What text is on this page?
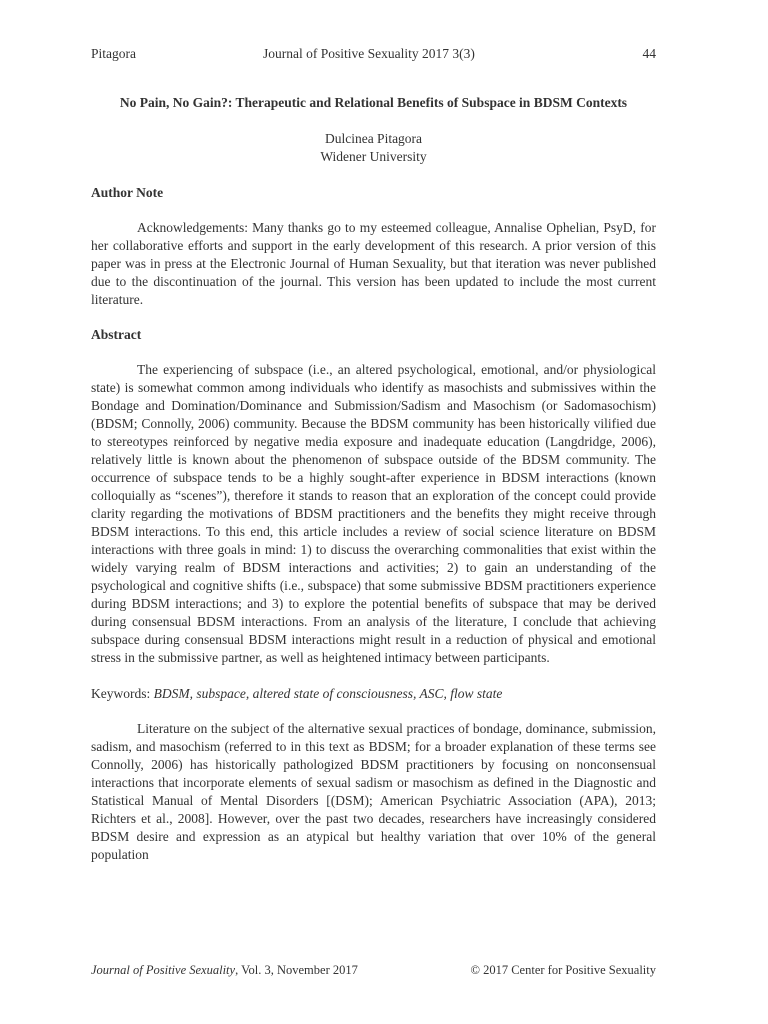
Pitagora	Journal of Positive Sexuality 2017 3(3)	44
No Pain, No Gain?: Therapeutic and Relational Benefits of Subspace in BDSM Contexts
Dulcinea Pitagora
Widener University
Author Note

Acknowledgements: Many thanks go to my esteemed colleague, Annalise Ophelian, PsyD, for her collaborative efforts and support in the early development of this research. A prior version of this paper was in press at the Electronic Journal of Human Sexuality, but that iteration was never published due to the discontinuation of the journal. This version has been updated to include the most current literature.

Abstract

The experiencing of subspace (i.e., an altered psychological, emotional, and/or physiological state) is somewhat common among individuals who identify as masochists and submissives within the Bondage and Domination/Dominance and Submission/Sadism and Masochism (or Sadomasochism) (BDSM; Connolly, 2006) community. Because the BDSM community has been historically vilified due to stereotypes reinforced by negative media exposure and inadequate education (Langdridge, 2006), relatively little is known about the phenomenon of subspace outside of the BDSM community. The occurrence of subspace tends to be a highly sought-after experience in BDSM interactions (known colloquially as “scenes”), therefore it stands to reason that an exploration of the concept could provide clarity regarding the motivations of BDSM practitioners and the benefits they might receive through BDSM interactions. To this end, this article includes a review of social science literature on BDSM interactions with three goals in mind: 1) to discuss the overarching commonalities that exist within the widely varying realm of BDSM interactions and activities; 2) to gain an understanding of the psychological and cognitive shifts (i.e., subspace) that some submissive BDSM practitioners experience during BDSM interactions; and 3) to explore the potential benefits of subspace that may be derived during consensual BDSM interactions. From an analysis of the literature, I conclude that achieving subspace during consensual BDSM interactions might result in a reduction of physical and emotional stress in the submissive partner, as well as heightened intimacy between participants.

Keywords: BDSM, subspace, altered state of consciousness, ASC, flow state

Literature on the subject of the alternative sexual practices of bondage, dominance, submission, sadism, and masochism (referred to in this text as BDSM; for a broader explanation of these terms see Connolly, 2006) has historically pathologized BDSM practitioners by focusing on nonconsensual interactions that incorporate elements of sexual sadism or masochism as defined in the Diagnostic and Statistical Manual of Mental Disorders [(DSM); American Psychiatric Association (APA), 2013; Richters et al., 2008]. However, over the past two decades, researchers have increasingly considered BDSM desire and expression as an atypical but healthy variation that over 10% of the general population

Journal of Positive Sexuality, Vol. 3, November 2017	© 2017 Center for Positive Sexuality
